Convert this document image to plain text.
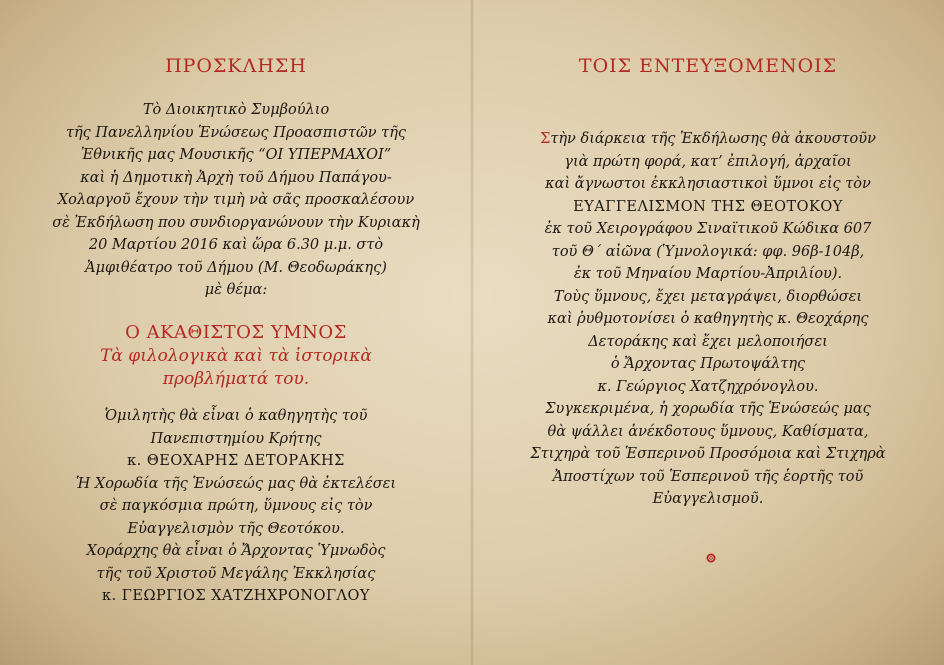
ΠΡΟΣΚΛΗΣΗ
Τὸ Διοικητικὸ Συμβούλιο
τῆς Πανελληνίου Ἑνώσεως Προασπιστῶν τῆς
Ἐθνικῆς μας Μουσικῆς “ΟΙ ΥΠΕΡΜΑΧΟΙ”
καὶ ἡ Δημοτικὴ Ἀρχὴ τοῦ Δήμου Παπάγου-
Χολαργοῦ ἔχουν τὴν τιμὴ νὰ σᾶς προσκαλέσουν
σὲ Ἐκδήλωση που συνδιοργανώνουν τὴν Κυριακὴ
20 Μαρτίου 2016 καὶ ὥρα 6.30 μ.μ. στὸ
Ἀμφιθέατρο τοῦ Δήμου (Μ. Θεοδωράκης)
μὲ θέμα:
Ο ΑΚΑΘΙΣΤΟΣ ΥΜΝΟΣ
Τὰ φιλολογικὰ καὶ τὰ ἱστορικὰ
προβλήματά του.
Ὁμιλητὴς θὰ εἶναι ὁ καθηγητὴς τοῦ
Πανεπιστημίου Κρήτης
κ. ΘΕΟΧΑΡΗΣ ΔΕΤΟΡΑΚΗΣ
Ἡ Χορωδία τῆς Ἑνώσεώς μας θὰ ἐκτελέσει
σὲ παγκόσμια πρώτη, ὕμνους εἰς τὸν
Εὐαγγελισμὸν τῆς Θεοτόκου.
Χοράρχης θὰ εἶναι ὁ Ἄρχοντας Ὑμνωδὸς
τῆς τοῦ Χριστοῦ Μεγάλης Ἐκκλησίας
κ. ΓΕΩΡΓΙΟΣ ΧΑΤΖΗΧΡΟΝΟΓΛΟΥ
ΤΟΙΣ ΕΝΤΕΥΞΟΜΕΝΟΙΣ
Στὴν διάρκεια τῆς Ἐκδήλωσης θὰ ἀκουστοῦν
γιὰ πρώτη φορά, κατ’ ἐπιλογή, ἀρχαῖοι
καὶ ἄγνωστοι ἐκκλησιαστικοὶ ὕμνοι εἰς τὸν
ΕΥΑΓΓΕΛΙΣΜΟΝ ΤΗΣ ΘΕΟΤΟΚΟΥ
ἐκ τοῦ Χειρογράφου Σιναϊτικοῦ Κώδικα 607
τοῦ Θ΄ αἰῶνα (Ὑμνολογικά: φφ. 96β-104β,
ἐκ τοῦ Μηναίου Μαρτίου-Ἀπριλίου).
Τοὺς ὕμνους, ἔχει μεταγράψει, διορθώσει
καὶ ῥυθμοτονίσει ὁ καθηγητὴς κ. Θεοχάρης
Δετοράκης καὶ ἔχει μελοποιήσει
ὁ Ἄρχοντας Πρωτοψάλτης
κ. Γεώργιος Χατζηχρόνογλου.
Συγκεκριμένα, ἡ χορωδία τῆς Ἑνώσεώς μας
θὰ ψάλλει ἀνέκδοτους ὕμνους, Καθίσματα,
Στιχηρὰ τοῦ Ἑσπερινοῦ Προσόμοια καὶ Στιχηρὰ
Ἀποστίχων τοῦ Ἑσπερινοῦ τῆς ἑορτῆς τοῦ
Εὐαγγελισμοῦ.
